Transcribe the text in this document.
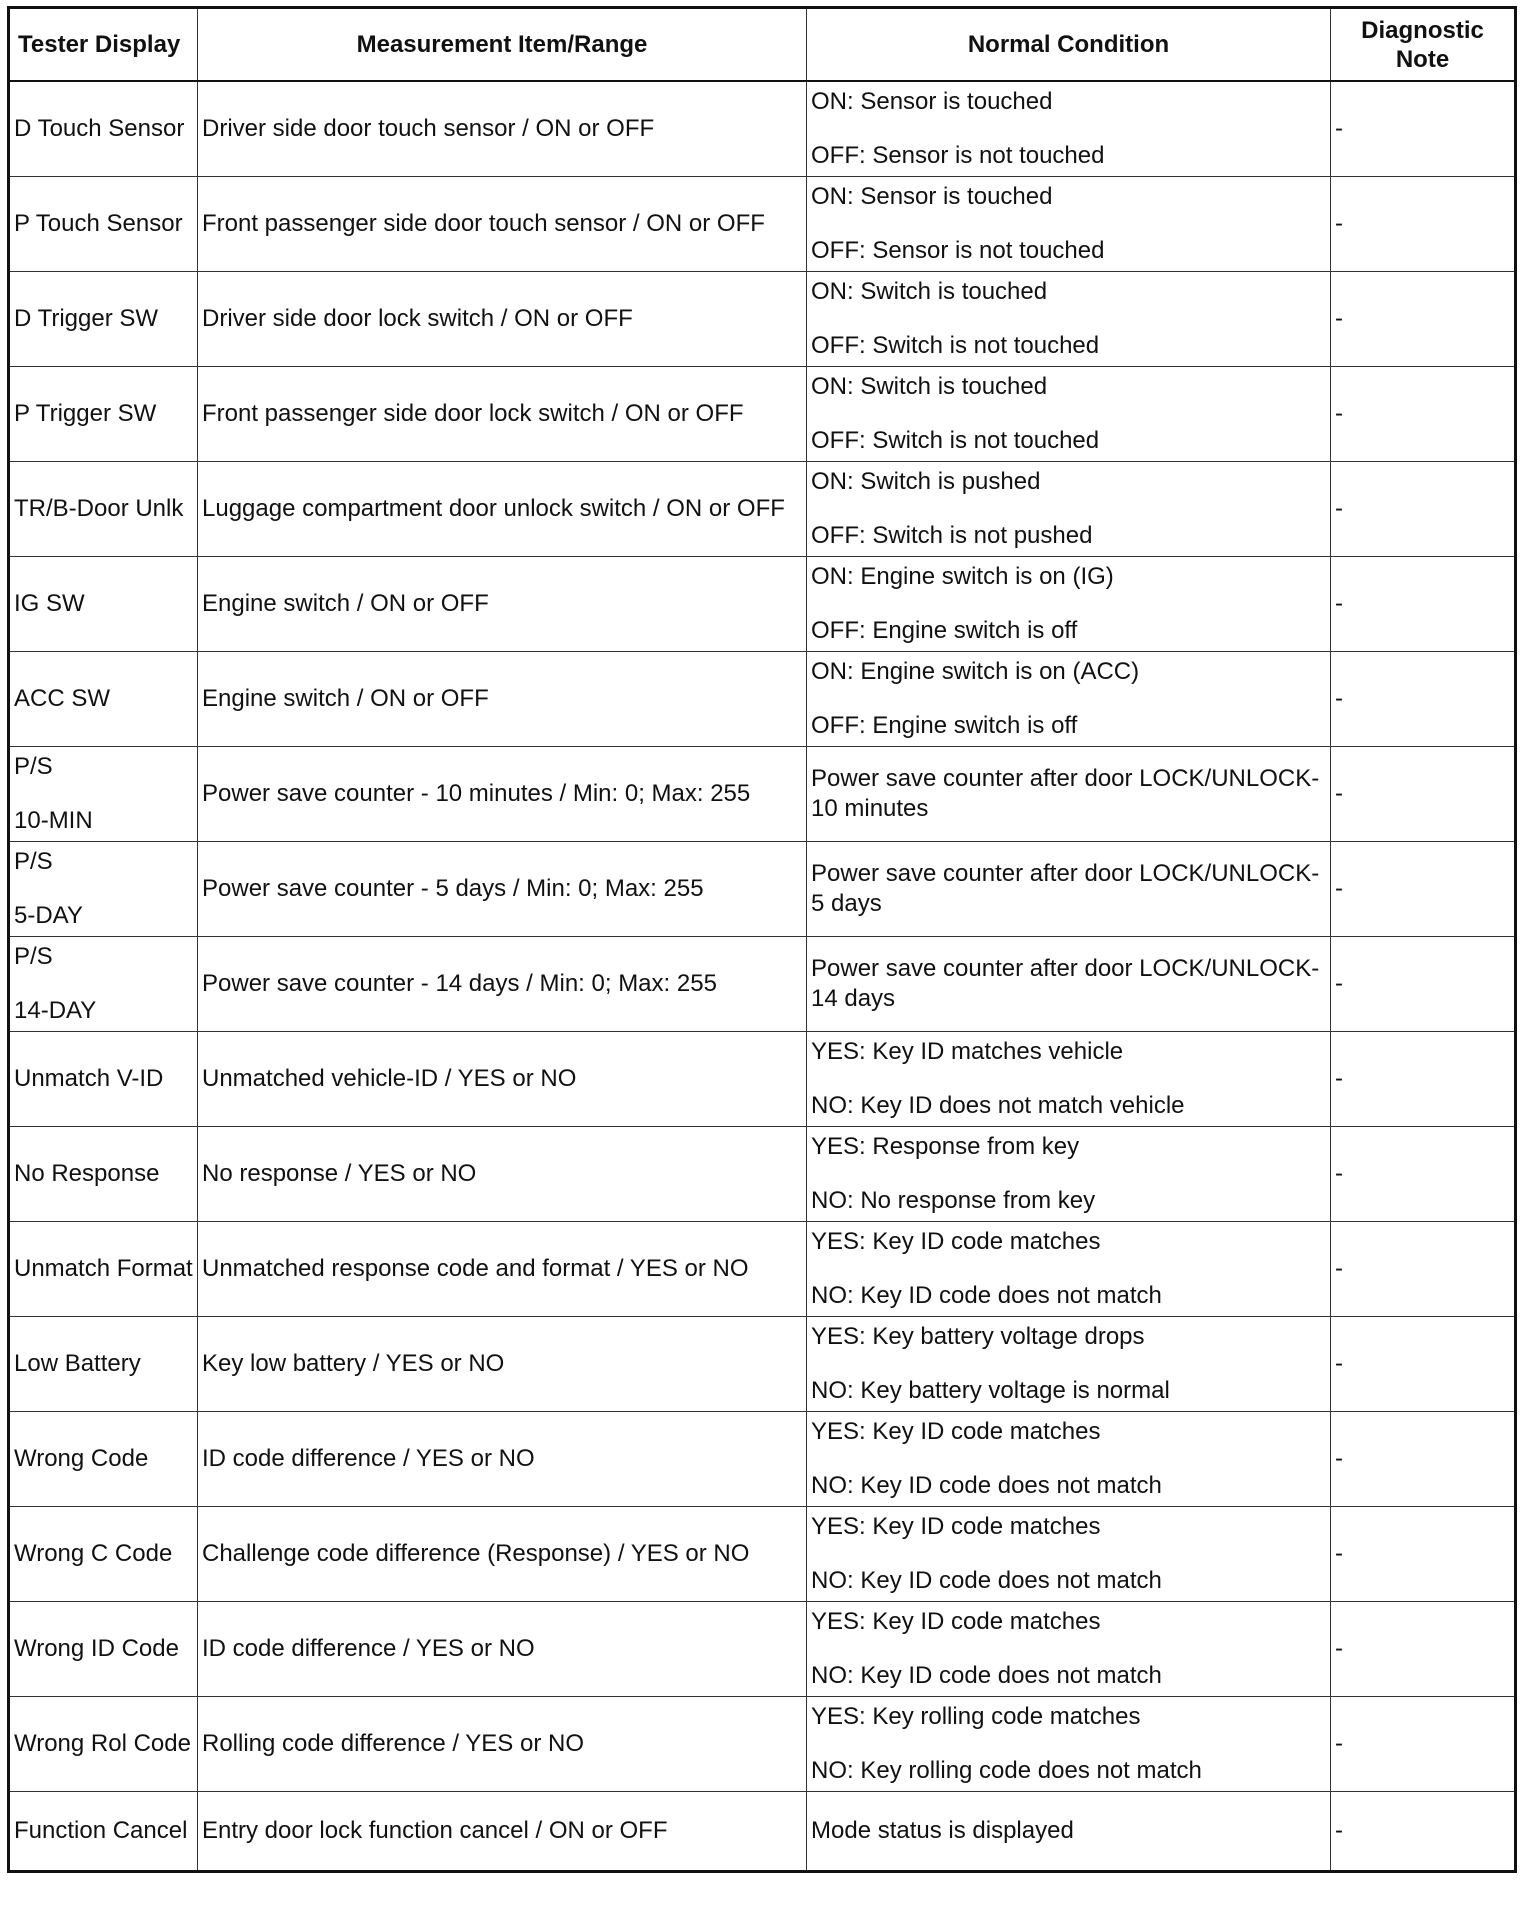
Tester Display	Measurement Item/Range	Normal Condition	Diagnostic Note
D Touch Sensor	Driver side door touch sensor / ON or OFF	ON: Sensor is touched
OFF: Sensor is not touched	-
P Touch Sensor	Front passenger side door touch sensor / ON or OFF	ON: Sensor is touched
OFF: Sensor is not touched	-
D Trigger SW	Driver side door lock switch / ON or OFF	ON: Switch is touched
OFF: Switch is not touched	-
P Trigger SW	Front passenger side door lock switch / ON or OFF	ON: Switch is touched
OFF: Switch is not touched	-
TR/B-Door Unlk	Luggage compartment door unlock switch / ON or OFF	ON: Switch is pushed
OFF: Switch is not pushed	-
IG SW	Engine switch / ON or OFF	ON: Engine switch is on (IG)
OFF: Engine switch is off	-
ACC SW	Engine switch / ON or OFF	ON: Engine switch is on (ACC)
OFF: Engine switch is off	-

P/S
10-MIN	Power save counter - 10 minutes / Min: 0; Max: 255	Power save counter after door LOCK/UNLOCK-10 minutes	-

P/S
5-DAY	Power save counter - 5 days / Min: 0; Max: 255	Power save counter after door LOCK/UNLOCK-5 days	-

P/S
14-DAY	Power save counter - 14 days / Min: 0; Max: 255	Power save counter after door LOCK/UNLOCK-14 days	-
Unmatch V-ID	Unmatched vehicle-ID / YES or NO	YES: Key ID matches vehicle
NO: Key ID does not match vehicle	-
No Response	No response / YES or NO	YES: Response from key
NO: No response from key	-
Unmatch Format	Unmatched response code and format / YES or NO	YES: Key ID code matches
NO: Key ID code does not match	-
Low Battery	Key low battery / YES or NO	YES: Key battery voltage drops
NO: Key battery voltage is normal	-
Wrong Code	ID code difference / YES or NO	YES: Key ID code matches
NO: Key ID code does not match	-
Wrong C Code	Challenge code difference (Response) / YES or NO	YES: Key ID code matches
NO: Key ID code does not match	-
Wrong ID Code	ID code difference / YES or NO	YES: Key ID code matches
NO: Key ID code does not match	-
Wrong Rol Code	Rolling code difference / YES or NO	YES: Key rolling code matches
NO: Key rolling code does not match	-
Function Cancel	Entry door lock function cancel / ON or OFF	Mode status is displayed	-
